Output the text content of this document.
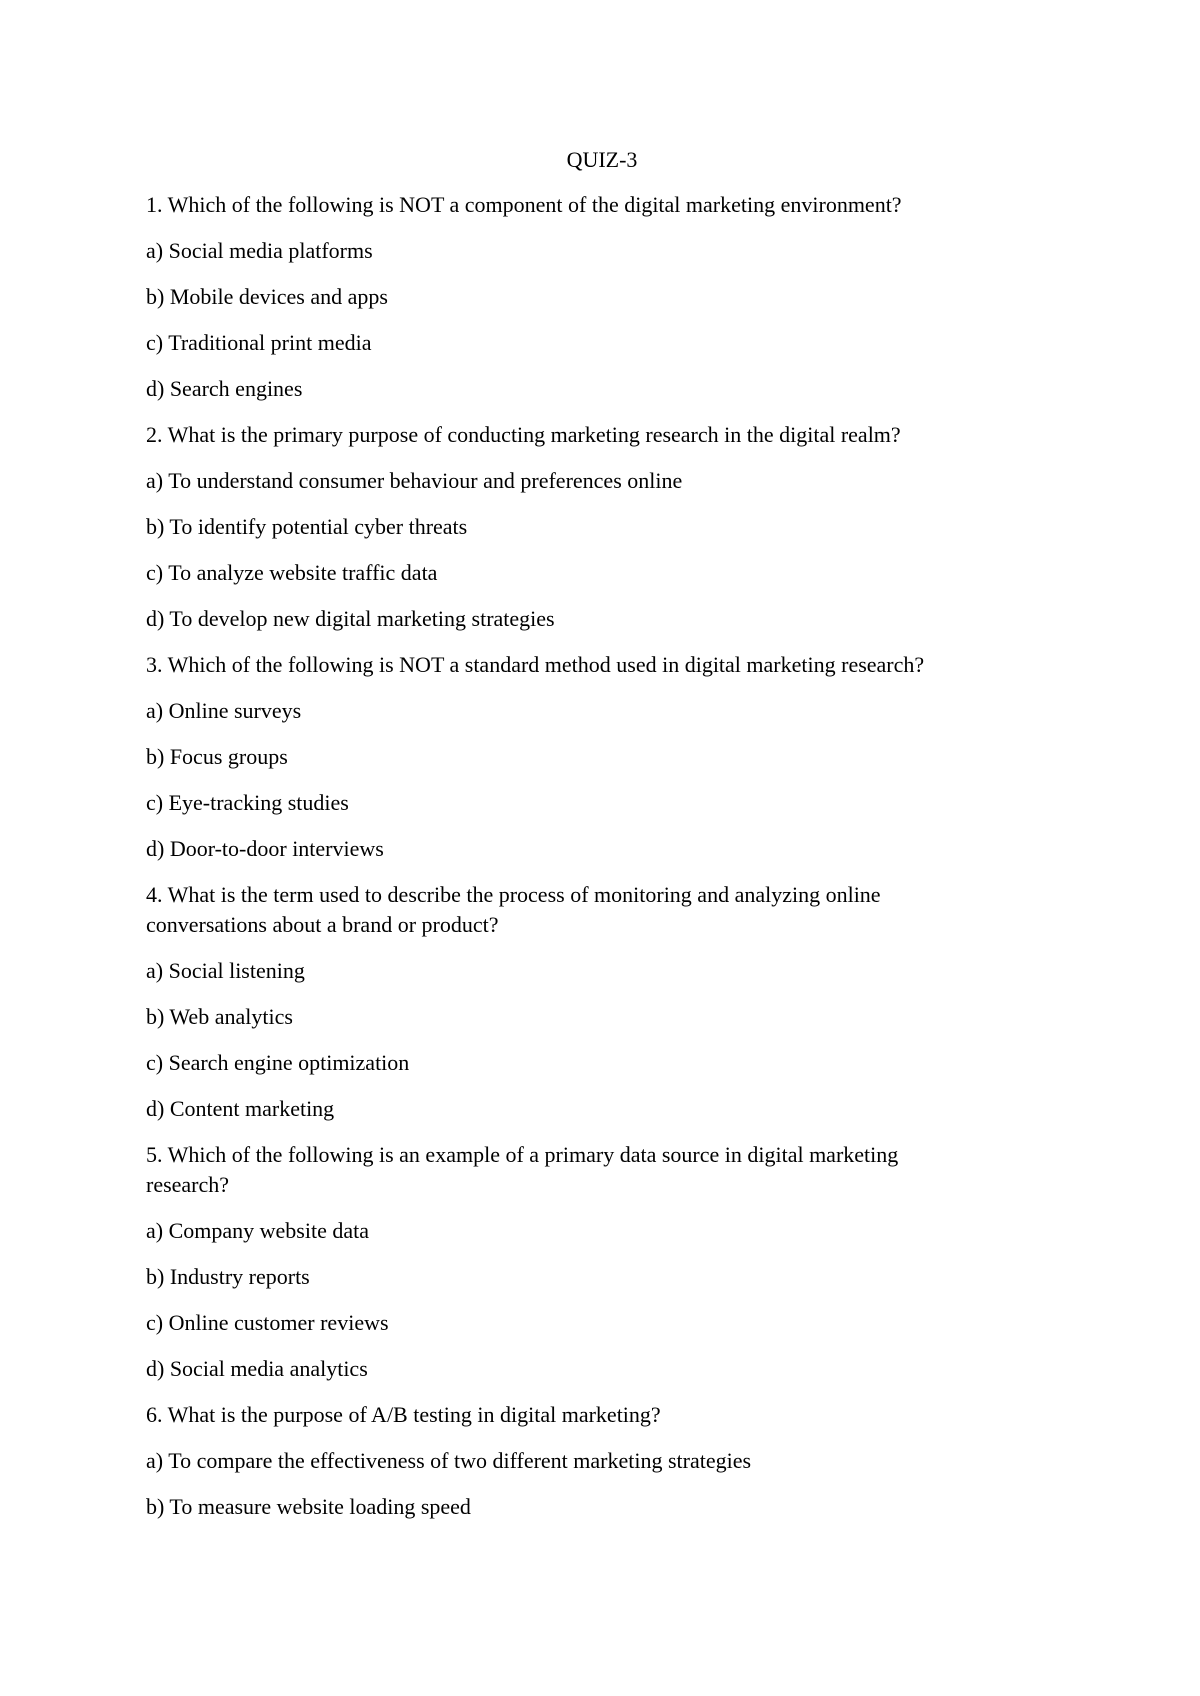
QUIZ-3
1. Which of the following is NOT a component of the digital marketing environment?
a) Social media platforms
b) Mobile devices and apps
c) Traditional print media
d) Search engines
2. What is the primary purpose of conducting marketing research in the digital realm?
a) To understand consumer behaviour and preferences online
b) To identify potential cyber threats
c) To analyze website traffic data
d) To develop new digital marketing strategies
3. Which of the following is NOT a standard method used in digital marketing research?
a) Online surveys
b) Focus groups
c) Eye-tracking studies
d) Door-to-door interviews
4. What is the term used to describe the process of monitoring and analyzing online conversations about a brand or product?
a) Social listening
b) Web analytics
c) Search engine optimization
d) Content marketing
5. Which of the following is an example of a primary data source in digital marketing research?
a) Company website data
b) Industry reports
c) Online customer reviews
d) Social media analytics
6. What is the purpose of A/B testing in digital marketing?
a) To compare the effectiveness of two different marketing strategies
b) To measure website loading speed
